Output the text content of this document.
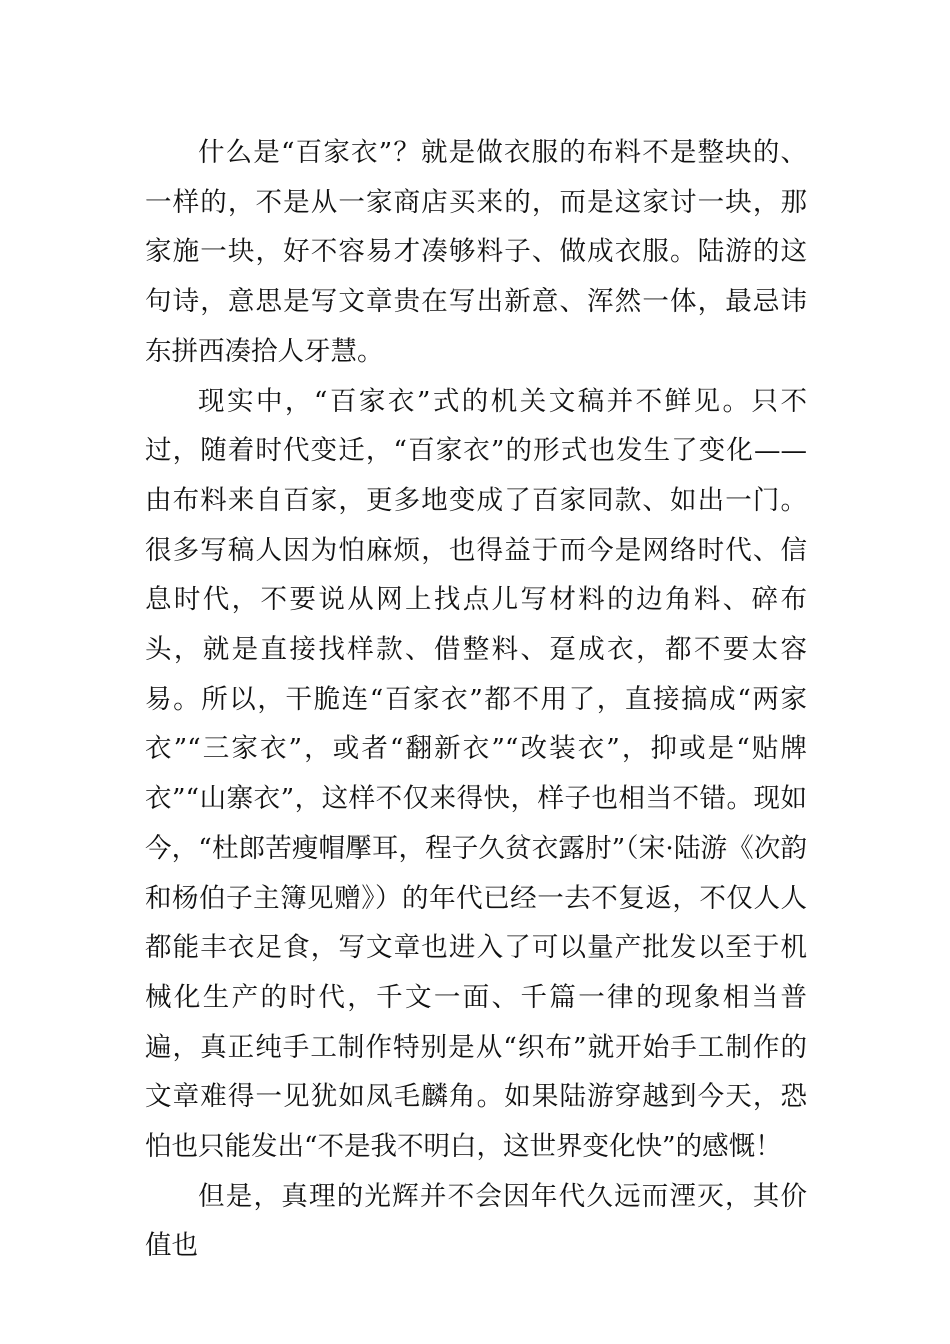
什么是“百家衣”？就是做衣服的布料不是整块的、一样的，不是从一家商店买来的，而是这家讨一块，那家施一块，好不容易才凑够料子、做成衣服。陆游的这句诗，意思是写文章贵在写出新意、浑然一体，最忌讳东拼西凑拾人牙慧。

现实中，“百家衣”式的机关文稿并不鲜见。只不过，随着时代变迁，“百家衣”的形式也发生了变化——由布料来自百家，更多地变成了百家同款、如出一门。很多写稿人因为怕麻烦，也得益于而今是网络时代、信息时代，不要说从网上找点儿写材料的边角料、碎布头，就是直接找样款、借整料、趸成衣，都不要太容易。所以，干脆连“百家衣”都不用了，直接搞成“两家衣”“三家衣”，或者“翻新衣”“改装衣”，抑或是“贴牌衣”“山寨衣”，这样不仅来得快，样子也相当不错。现如今，“杜郎苦瘦帽擪耳，程子久贫衣露肘”（宋·陆游《次韵和杨伯子主簿见赠》）的年代已经一去不复返，不仅人人都能丰衣足食，写文章也进入了可以量产批发以至于机械化生产的时代，千文一面、千篇一律的现象相当普遍，真正纯手工制作特别是从“织布”就开始手工制作的文章难得一见犹如凤毛麟角。如果陆游穿越到今天，恐怕也只能发出“不是我不明白，这世界变化快”的感慨！

但是，真理的光辉并不会因年代久远而湮灭，其价值也
